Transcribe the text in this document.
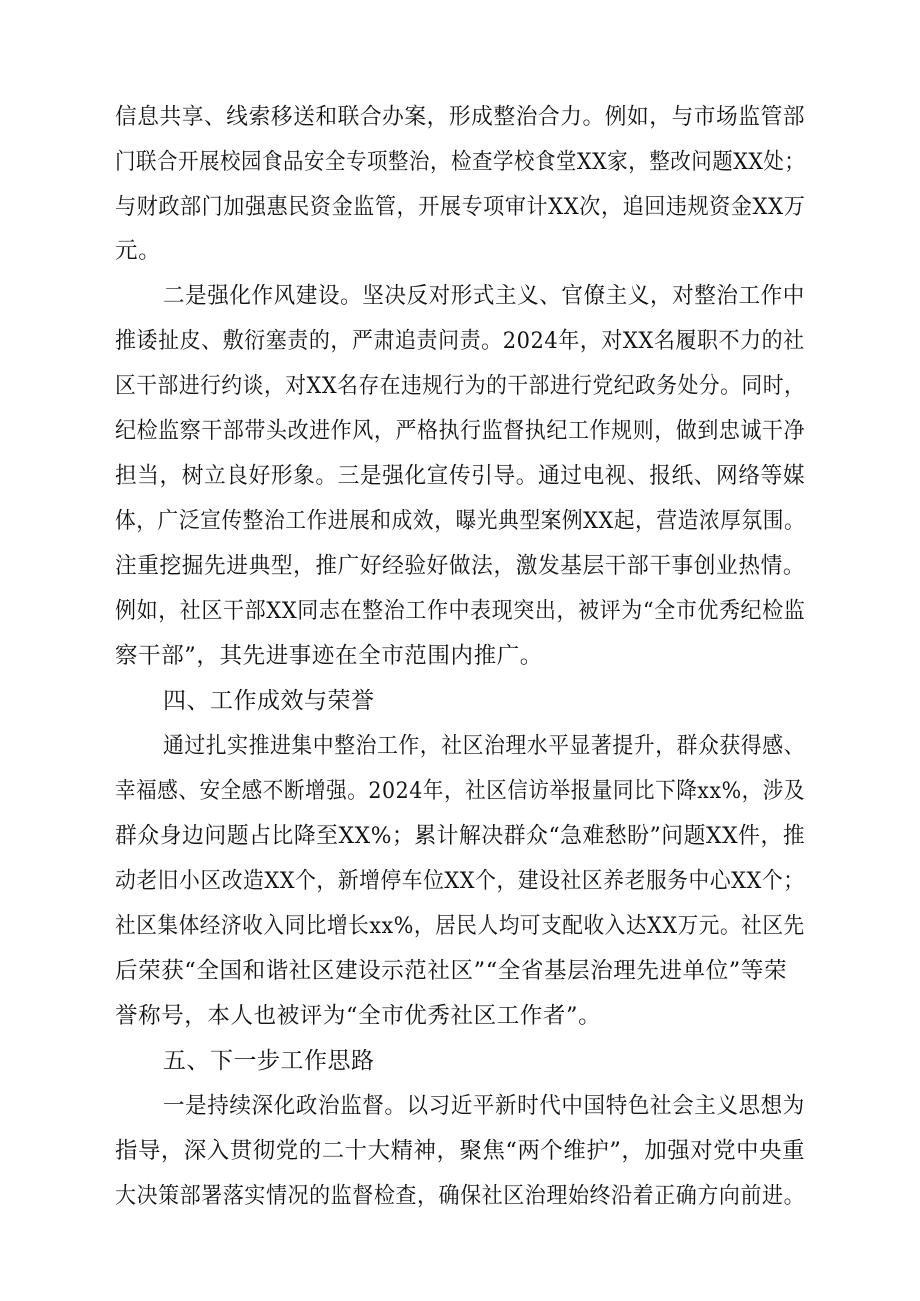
信息共享、线索移送和联合办案，形成整治合力。例如，与市场监管部
门联合开展校园食品安全专项整治，检查学校食堂XX家，整改问题XX处；
与财政部门加强惠民资金监管，开展专项审计XX次，追回违规资金XX万
元。
二是强化作风建设。坚决反对形式主义、官僚主义，对整治工作中
推诿扯皮、敷衍塞责的，严肃追责问责。2024年，对XX名履职不力的社
区干部进行约谈，对XX名存在违规行为的干部进行党纪政务处分。同时，
纪检监察干部带头改进作风，严格执行监督执纪工作规则，做到忠诚干净
担当，树立良好形象。三是强化宣传引导。通过电视、报纸、网络等媒
体，广泛宣传整治工作进展和成效，曝光典型案例XX起，营造浓厚氛围。
注重挖掘先进典型，推广好经验好做法，激发基层干部干事创业热情。
例如，社区干部XX同志在整治工作中表现突出，被评为“全市优秀纪检监
察干部”，其先进事迹在全市范围内推广。
四、工作成效与荣誉
通过扎实推进集中整治工作，社区治理水平显著提升，群众获得感、
幸福感、安全感不断增强。2024年，社区信访举报量同比下降xx%，涉及
群众身边问题占比降至XX%；累计解决群众“急难愁盼”问题XX件，推
动老旧小区改造XX个，新增停车位XX个，建设社区养老服务中心XX个；
社区集体经济收入同比增长xx%，居民人均可支配收入达XX万元。社区先
后荣获“全国和谐社区建设示范社区”“全省基层治理先进单位”等荣
誉称号，本人也被评为“全市优秀社区工作者”。
五、下一步工作思路
一是持续深化政治监督。以习近平新时代中国特色社会主义思想为
指导，深入贯彻党的二十大精神，聚焦“两个维护”，加强对党中央重
大决策部署落实情况的监督检查，确保社区治理始终沿着正确方向前进。
